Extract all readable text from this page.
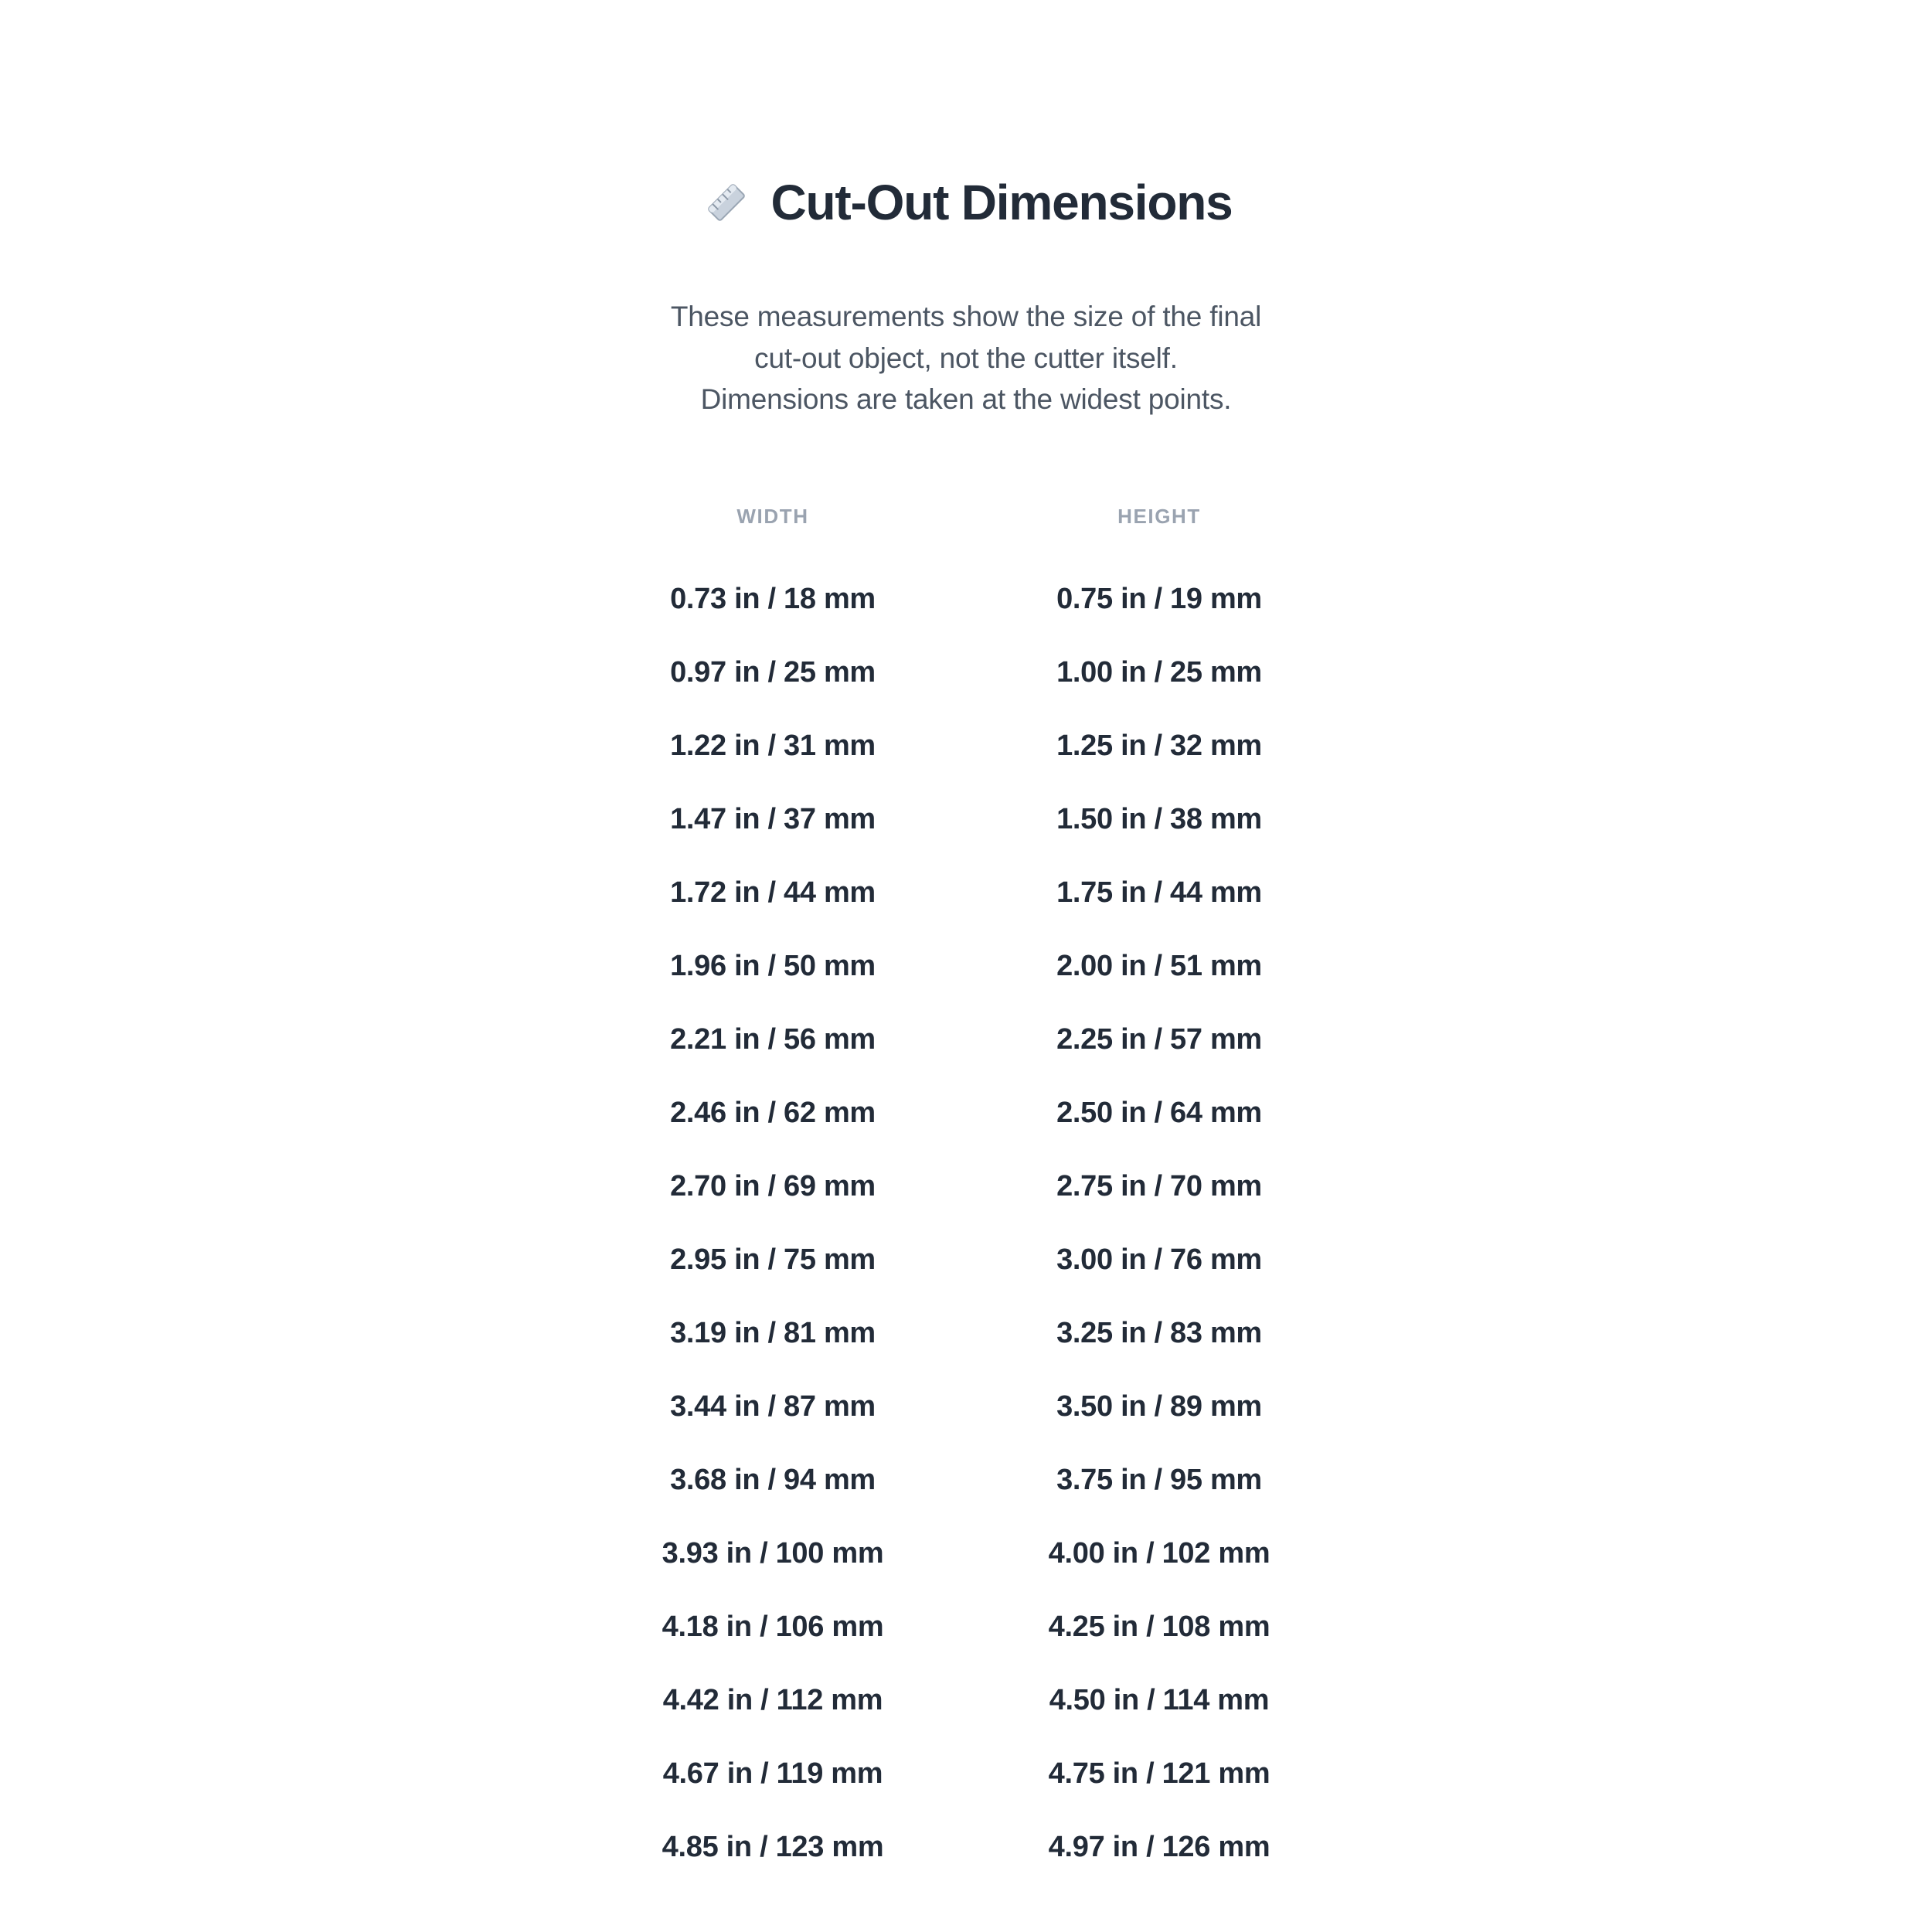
Cut-Out Dimensions
These measurements show the size of the final
cut-out object, not the cutter itself.
Dimensions are taken at the widest points.
WIDTH	HEIGHT
0.73 in / 18 mm	0.75 in / 19 mm
0.97 in / 25 mm	1.00 in / 25 mm
1.22 in / 31 mm	1.25 in / 32 mm
1.47 in / 37 mm	1.50 in / 38 mm
1.72 in / 44 mm	1.75 in / 44 mm
1.96 in / 50 mm	2.00 in / 51 mm
2.21 in / 56 mm	2.25 in / 57 mm
2.46 in / 62 mm	2.50 in / 64 mm
2.70 in / 69 mm	2.75 in / 70 mm
2.95 in / 75 mm	3.00 in / 76 mm
3.19 in / 81 mm	3.25 in / 83 mm
3.44 in / 87 mm	3.50 in / 89 mm
3.68 in / 94 mm	3.75 in / 95 mm
3.93 in / 100 mm	4.00 in / 102 mm
4.18 in / 106 mm	4.25 in / 108 mm
4.42 in / 112 mm	4.50 in / 114 mm
4.67 in / 119 mm	4.75 in / 121 mm
4.85 in / 123 mm	4.97 in / 126 mm
